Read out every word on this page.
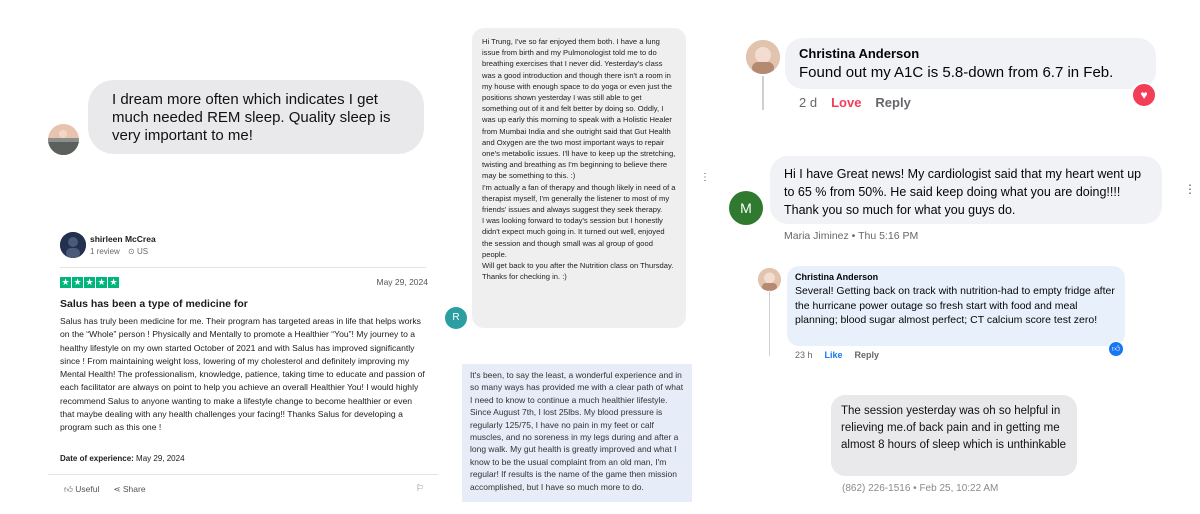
I dream more often which indicates I get much needed REM sleep. Quality sleep is very important to me!
shirleen McCrea
1 review ⊙ US
★ ★ ★ ★ ★	May 29, 2024
Salus has been a type of medicine for
Salus has truly been medicine for me. Their program has targeted areas in life that helps works on the “Whole” person ! Physically and Mentally to promote a Healthier “You”! My journey to a healthy lifestyle on my own started October of 2021 and with Salus has improved significantly since ! From maintaining weight loss, lowering of my cholesterol and definitely improving my Mental Health! The professionalism, knowledge, patience, taking time to educate and passion of each facilitator are always on point to help you achieve an overall Healthier You! I would highly recommend Salus to anyone wanting to make a lifestyle change to become healthier or even that maybe dealing with any health challenges your facing!! Thanks Salus for developing a program such as this one !
Date of experience: May 29, 2024
👍︎ Useful ⋖ Share	⚐
Hi Trung, I've so far enjoyed them both. I have a lung issue from birth and my Pulmonologist told me to do breathing exercises that I never did. Yesterday's class was a good introduction and though there isn't a room in my house with enough space to do yoga or even just the positions shown yesterday I was still able to get something out of it and felt better by doing so. Oddly, I was up early this morning to speak with a Holistic Healer from Mumbai India and she outright said that Gut Health and Oxygen are the two most important ways to repair one's metabolic issues. I'll have to keep up the stretching, twisting and breathing as I'm beginning to believe there may be something to this. :)
I'm actually a fan of therapy and though likely in need of a therapist myself, I'm generally the listener to most of my friends' issues and always suggest they seek therapy.
I was looking forward to today's session but I honestly didn't expect much going in. It turned out well, enjoyed the session and though small was al group of good people.
Will get back to you after the Nutrition class on Thursday.
Thanks for checking in. :)
R
⋮
It's been, to say the least, a wonderful experience and in so many ways has provided me with a clear path of what I need to know to continue a much healthier lifestyle. Since August 7th, I lost 25lbs. My blood pressure is regularly 125/75, I have no pain in my feet or calf muscles, and no soreness in my legs during and after a long walk. My gut health is greatly improved and what I know to be the usual complaint from an old man, I'm regular! If results is the name of the game then mission accomplished, but I have so much more to do.
Christina Anderson
Found out my A1C is 5.8-down from 6.7 in Feb.
♥
2 d Love Reply
M
Hi I have Great news! My cardiologist said that my heart went up to 65 % from 50%. He said keep doing what you are doing!!!! Thank you so much for what you guys do.
Maria Jiminez • Thu 5:16 PM
⋮
Christina Anderson
Several! Getting back on track with nutrition-had to empty fridge after the hurricane power outage so fresh start with food and meal planning; blood sugar almost perfect; CT calcium score test zero!
👍︎
23 h Like Reply
The session yesterday was oh so helpful in relieving me.of back pain and in getting me almost 8 hours of sleep which is unthinkable
(862) 226-1516 • Feb 25, 10:22 AM
